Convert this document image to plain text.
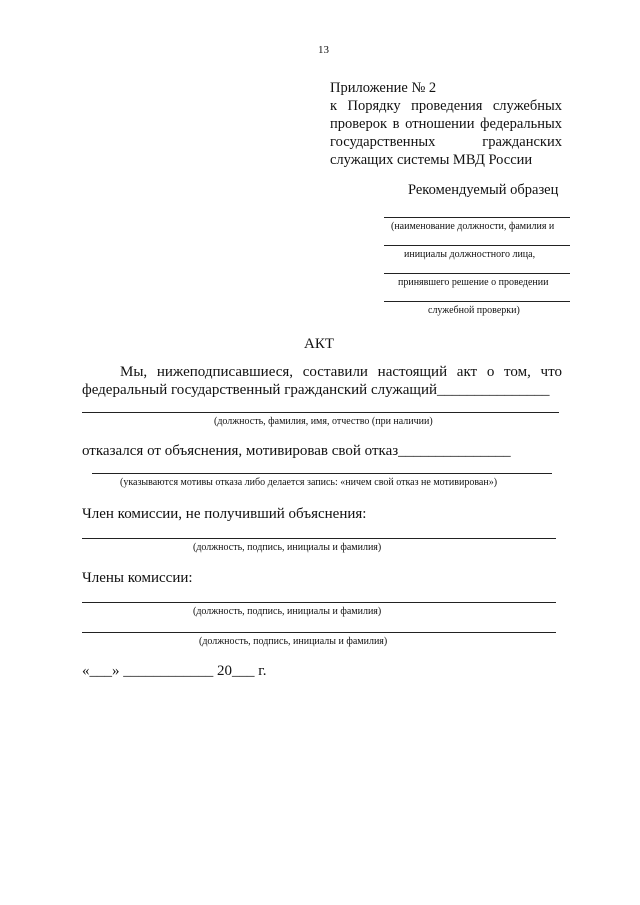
13
Приложение № 2
к Порядку проведения служебных
проверок в отношении федеральных
государственных гражданских
служащих системы МВД России
Рекомендуемый образец
(наименование должности, фамилия и
инициалы должностного лица,
принявшего решение о проведении
служебной проверки)
АКТ
Мы, нижеподписавшиеся, составили настоящий акт о том, что
федеральный государственный гражданский служащий_______________
(должность, фамилия, имя, отчество (при наличии)
отказался от объяснения, мотивировав свой отказ_______________
(указываются мотивы отказа либо делается запись: «ничем свой отказ не мотивирован»)
Член комиссии, не получивший объяснения:
(должность, подпись, инициалы и фамилия)
Члены комиссии:
(должность, подпись, инициалы и фамилия)
(должность, подпись, инициалы и фамилия)
«___» ____________ 20___ г.
